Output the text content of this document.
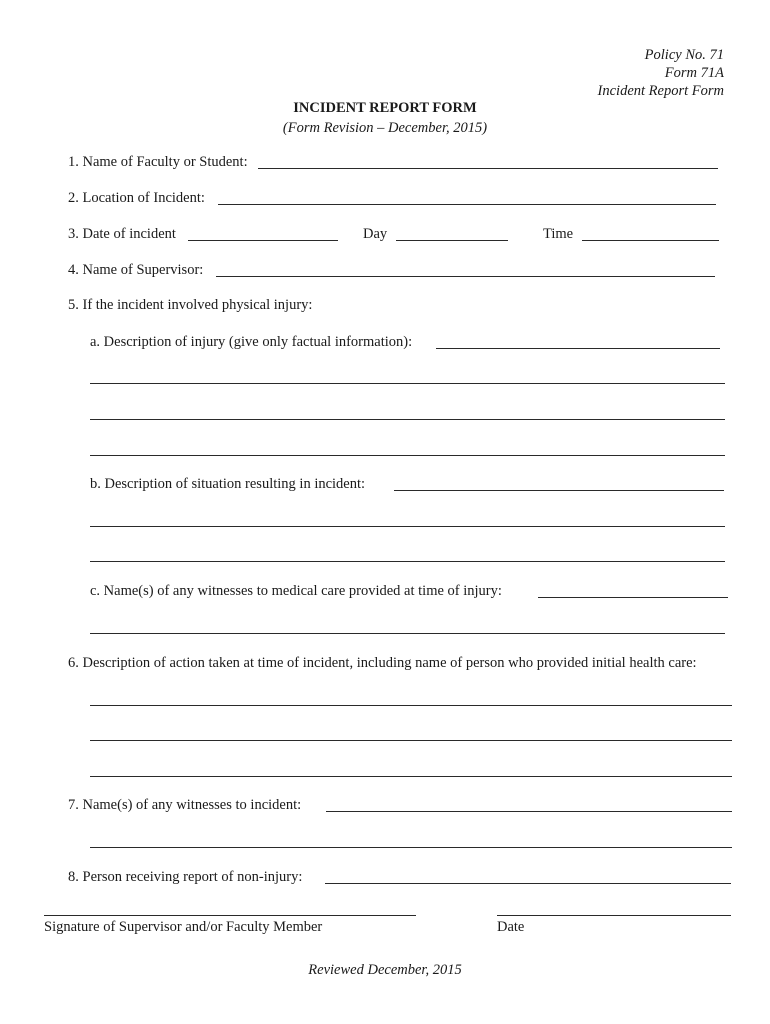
Policy No. 71
Form 71A
Incident Report Form
INCIDENT REPORT FORM
(Form Revision – December, 2015)
1. Name of Faculty or Student:
2. Location of Incident:
3. Date of incident	Day	Time
4. Name of Supervisor:
5. If the incident involved physical injury:
a. Description of injury (give only factual information):
b. Description of situation resulting in incident:
c. Name(s) of any witnesses to medical care provided at time of injury:
6. Description of action taken at time of incident, including name of person who provided initial health care:
7. Name(s) of any witnesses to incident:
8. Person receiving report of non-injury:
Signature of Supervisor and/or Faculty Member	Date
Reviewed December, 2015
